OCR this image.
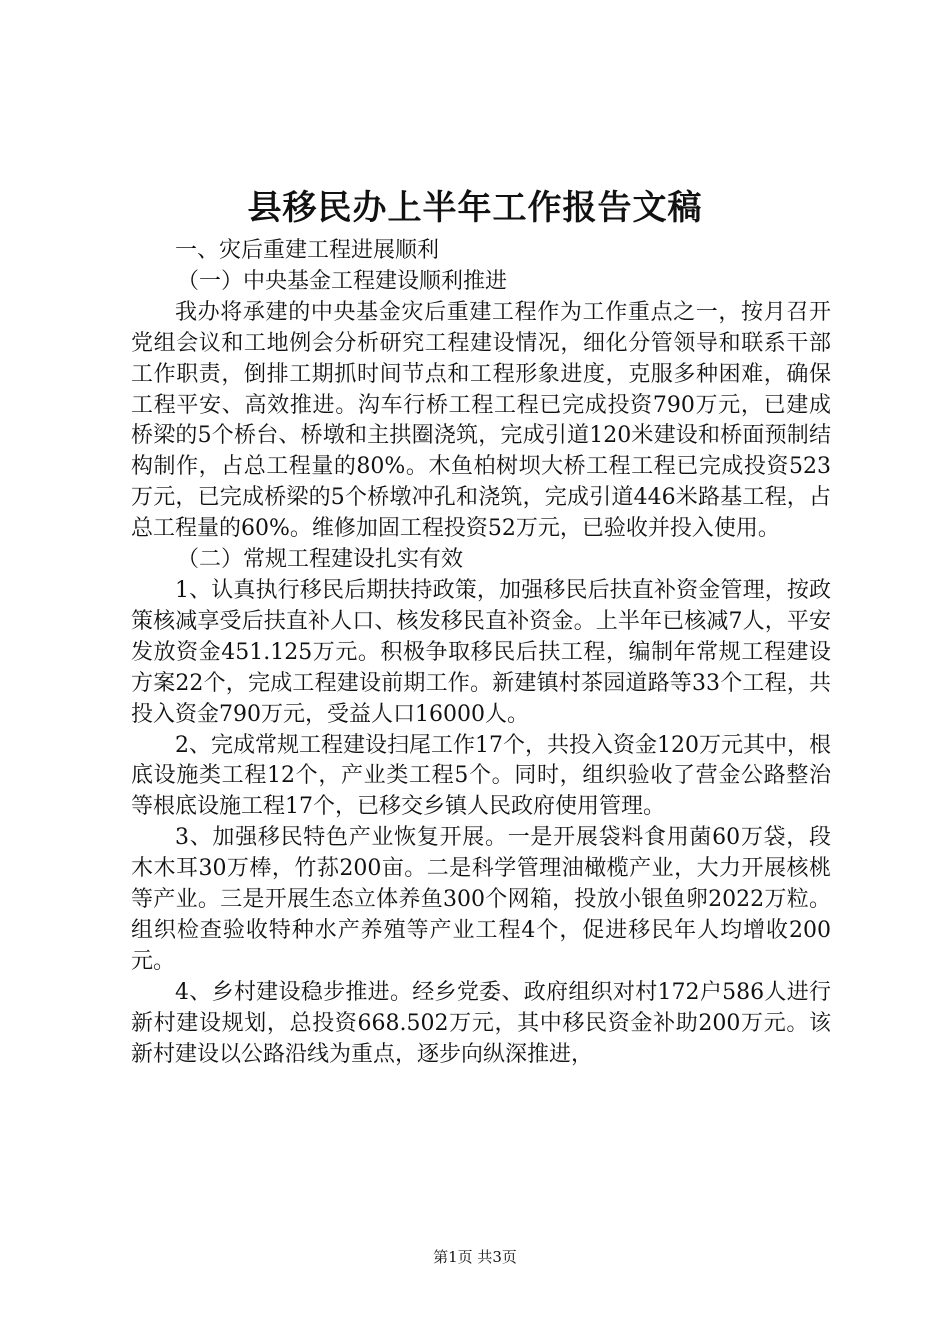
县移民办上半年工作报告文稿
一、灾后重建工程进展顺利
（一）中央基金工程建设顺利推进

我办将承建的中央基金灾后重建工程作为工作重点之一，按月召开党组会议和工地例会分析研究工程建设情况，细化分管领导和联系干部工作职责，倒排工期抓时间节点和工程形象进度，克服多种困难，确保工程平安、高效推进。沟车行桥工程工程已完成投资790万元，已建成桥梁的5个桥台、桥墩和主拱圈浇筑，完成引道120米建设和桥面预制结构制作，占总工程量的80%。木鱼柏树坝大桥工程工程已完成投资523万元，已完成桥梁的5个桥墩冲孔和浇筑，完成引道446米路基工程，占总工程量的60%。维修加固工程投资52万元，已验收并投入使用。

（二）常规工程建设扎实有效

1、认真执行移民后期扶持政策，加强移民后扶直补资金管理，按政策核减享受后扶直补人口、核发移民直补资金。上半年已核减7人，平安发放资金451.125万元。积极争取移民后扶工程，编制年常规工程建设方案22个，完成工程建设前期工作。新建镇村茶园道路等33个工程，共投入资金790万元，受益人口16000人。

2、完成常规工程建设扫尾工作17个，共投入资金120万元其中，根底设施类工程12个，产业类工程5个。同时，组织验收了营金公路整治等根底设施工程17个，已移交乡镇人民政府使用管理。

3、加强移民特色产业恢复开展。一是开展袋料食用菌60万袋，段木木耳30万棒，竹荪200亩。二是科学管理油橄榄产业，大力开展核桃等产业。三是开展生态立体养鱼300个网箱，投放小银鱼卵2022万粒。组织检查验收特种水产养殖等产业工程4个，促进移民年人均增收200元。

4、乡村建设稳步推进。经乡党委、政府组织对村172户586人进行新村建设规划，总投资668.502万元，其中移民资金补助200万元。该新村建设以公路沿线为重点，逐步向纵深推进，

第1页 共3页
